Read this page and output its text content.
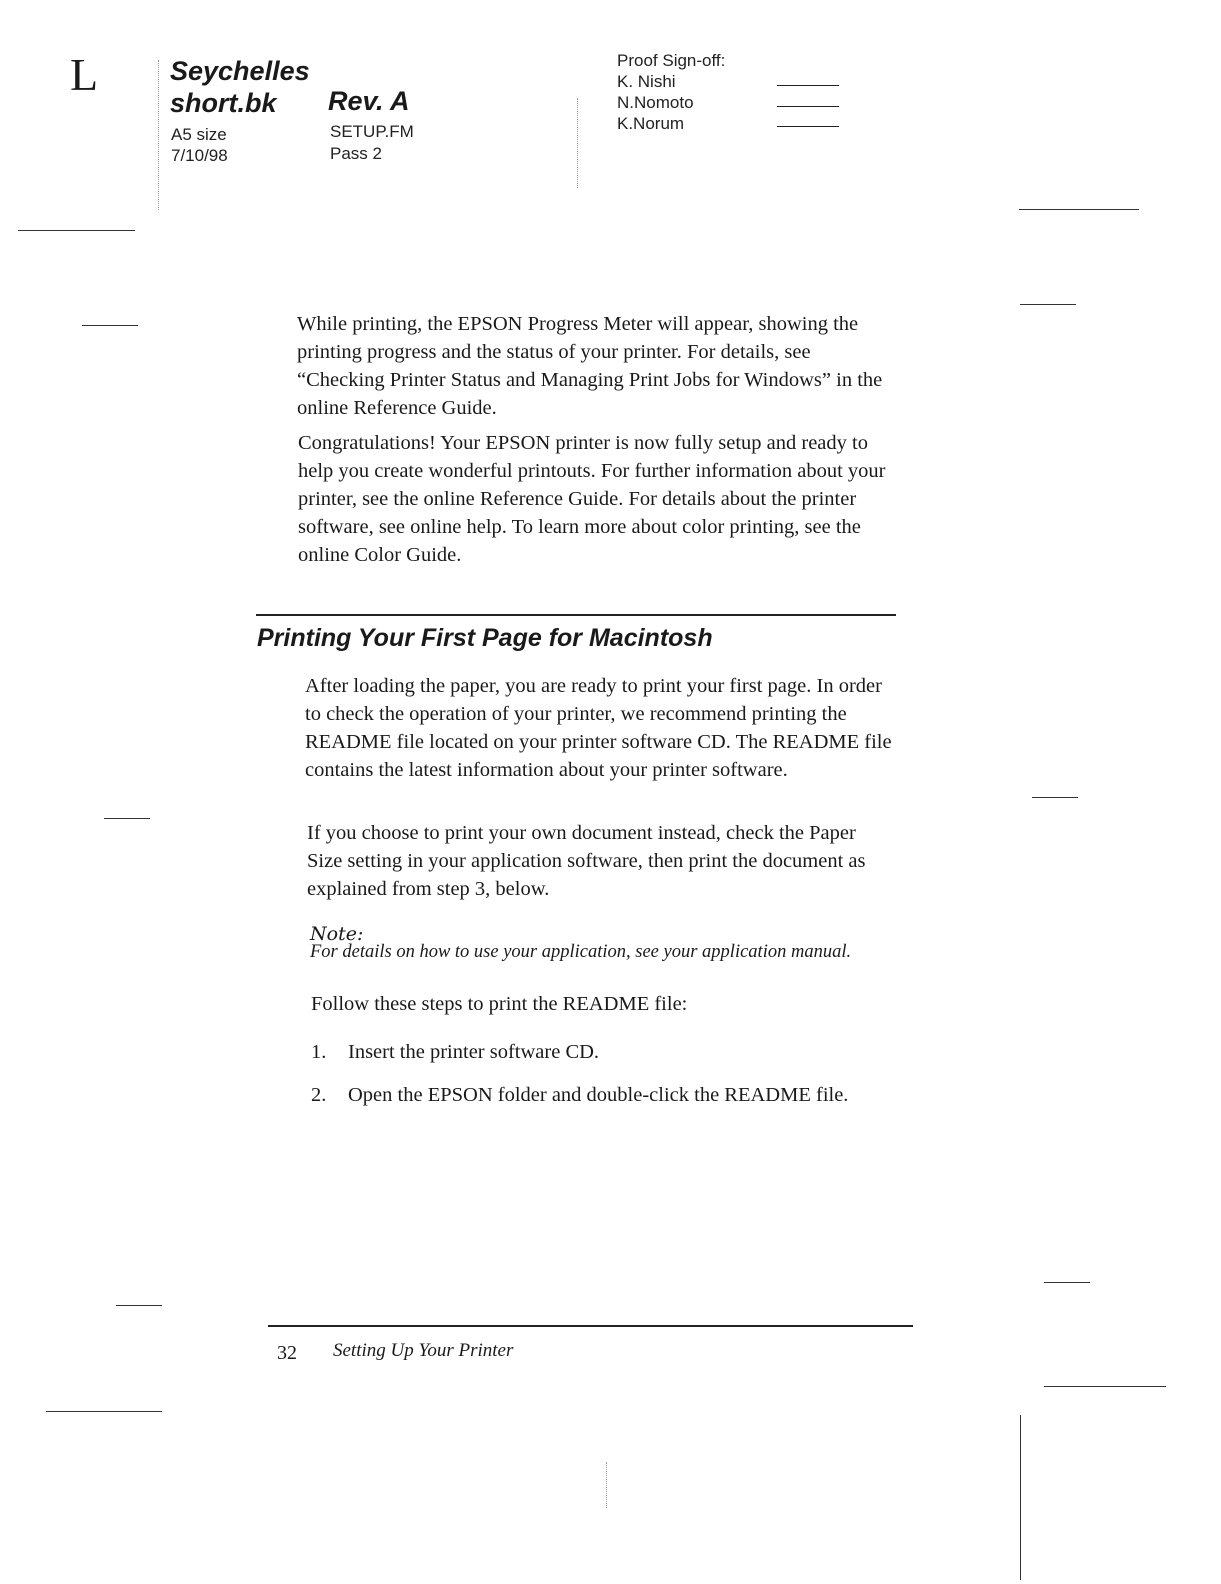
L	Seychelles
short.bk Rev. A
A5 size
7/10/98
SETUP.FM
Pass 2
Proof Sign-off:
K. Nishi
N.Nomoto
K.Norum
While printing, the EPSON Progress Meter will appear, showing the printing progress and the status of your printer. For details, see “Checking Printer Status and Managing Print Jobs for Windows” in the online Reference Guide.
Congratulations! Your EPSON printer is now fully setup and ready to help you create wonderful printouts. For further information about your printer, see the online Reference Guide. For details about the printer software, see online help. To learn more about color printing, see the online Color Guide.
Printing Your First Page for Macintosh
After loading the paper, you are ready to print your first page. In order to check the operation of your printer, we recommend printing the README file located on your printer software CD. The README file contains the latest information about your printer software.
If you choose to print your own document instead, check the Paper Size setting in your application software, then print the document as explained from step 3, below.
Note:
For details on how to use your application, see your application manual.
Follow these steps to print the README file:
1. Insert the printer software CD.
2. Open the EPSON folder and double-click the README file.
32 Setting Up Your Printer
